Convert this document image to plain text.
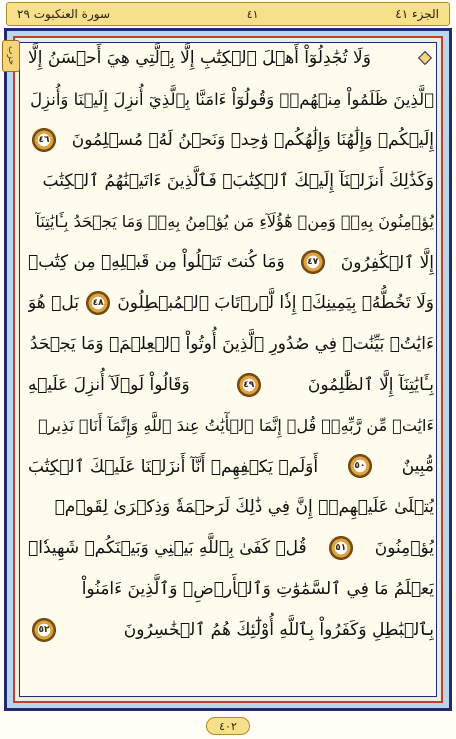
الجزء ٤١
٤١
سورة العنكبوت ٢٩
حزب وَلَا تُجَٰدِلُوٓاْ أَهۡلَ ٱلۡكِتَٰبِ إِلَّا بِٱلَّتِي هِيَ أَحۡسَنُ إِلَّا
ٱلَّذِينَ ظَلَمُواْ مِنۡهُمۡۖ وَقُولُوٓاْ ءَامَنَّا بِٱلَّذِيٓ أُنزِلَ إِلَيۡنَا وَأُنزِلَ
إِلَيۡكُمۡ وَإِلَٰهُنَا وَإِلَٰهُكُمۡ وَٰحِدٞ وَنَحۡنُ لَهُۥ مُسۡلِمُونَ
٤٦
وَكَذَٰلِكَ أَنزَلۡنَآ إِلَيۡكَ ٱلۡكِتَٰبَۚ فَٱلَّذِينَ ءَاتَيۡنَٰهُمُ ٱلۡكِتَٰبَ
يُؤۡمِنُونَ بِهِۦۖ وَمِنۡ هَٰٓؤُلَآءِ مَن يُؤۡمِنُ بِهِۦۚ وَمَا يَجۡحَدُ بِـَٔايَٰتِنَآ
إِلَّا ٱلۡكَٰفِرُونَ
٤٧
وَمَا كُنتَ تَتۡلُواْ مِن قَبۡلِهِۦ مِن كِتَٰبٖ
وَلَا تَخُطُّهُۥ بِيَمِينِكَۖ إِذٗا لَّٱرۡتَابَ ٱلۡمُبۡطِلُونَ
٤٨
بَلۡ هُوَ
ءَايَٰتُۢ بَيِّنَٰتٞ فِي صُدُورِ ٱلَّذِينَ أُوتُواْ ٱلۡعِلۡمَۚ وَمَا يَجۡحَدُ
بِـَٔايَٰتِنَآ إِلَّا ٱلظَّٰلِمُونَ
٤٩
وَقَالُواْ لَوۡلَآ أُنزِلَ عَلَيۡهِ
ءَايَٰتٞ مِّن رَّبِّهِۦۖ قُلۡ إِنَّمَا ٱلۡأٓيَٰتُ عِندَ ٱللَّهِ وَإِنَّمَآ أَنَا۠ نَذِيرٞ
مُّبِينٌ
٥٠
أَوَلَمۡ يَكۡفِهِمۡ أَنَّآ أَنزَلۡنَا عَلَيۡكَ ٱلۡكِتَٰبَ
يُتۡلَىٰ عَلَيۡهِمۡۚ إِنَّ فِي ذَٰلِكَ لَرَحۡمَةٗ وَذِكۡرَىٰ لِقَوۡمٖ
يُؤۡمِنُونَ
٥١
قُلۡ كَفَىٰ بِٱللَّهِ بَيۡنِي وَبَيۡنَكُمۡ شَهِيدٗاۖ
يَعۡلَمُ مَا فِي ٱلسَّمَٰوَٰتِ وَٱلۡأَرۡضِۗ وَٱلَّذِينَ ءَامَنُواْ
بِٱلۡبَٰطِلِ وَكَفَرُواْ بِٱللَّهِ أُوْلَٰٓئِكَ هُمُ ٱلۡخَٰسِرُونَ
٥٢
٤٠٢
